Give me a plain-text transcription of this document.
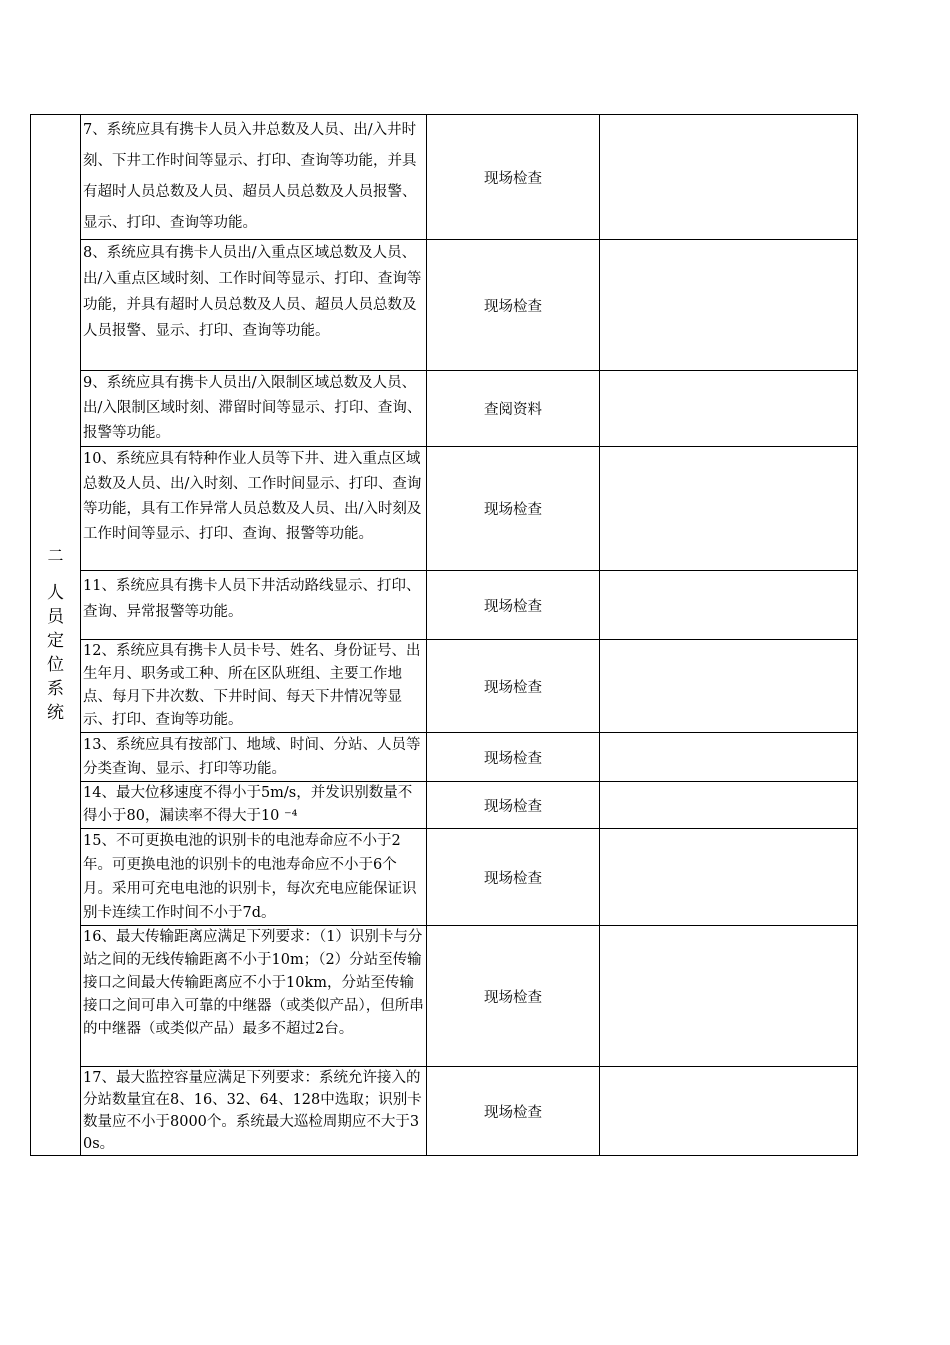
二
人员定位系统	7、系统应具有携卡人员入井总数及人员、出/入井时刻、下井工作时间等显示、打印、查询等功能，并具有超时人员总数及人员、超员人员总数及人员报警、显示、打印、查询等功能。	现场检查	

	8、系统应具有携卡人员出/入重点区域总数及人员、出/入重点区域时刻、工作时间等显示、打印、查询等功能，并具有超时人员总数及人员、超员人员总数及人员报警、显示、打印、查询等功能。	现场检查	

	9、系统应具有携卡人员出/入限制区域总数及人员、出/入限制区域时刻、滞留时间等显示、打印、查询、报警等功能。	查阅资料	

	10、系统应具有特种作业人员等下井、进入重点区域总数及人员、出/入时刻、工作时间显示、打印、查询等功能，具有工作异常人员总数及人员、出/入时刻及工作时间等显示、打印、查询、报警等功能。	现场检查	

	11、系统应具有携卡人员下井活动路线显示、打印、查询、异常报警等功能。	现场检查	

	12、系统应具有携卡人员卡号、姓名、身份证号、出生年月、职务或工种、所在区队班组、主要工作地点、每月下井次数、下井时间、每天下井情况等显示、打印、查询等功能。	现场检查	

	13、系统应具有按部门、地域、时间、分站、人员等分类查询、显示、打印等功能。	现场检查	

	14、最大位移速度不得小于5m/s，并发识别数量不得小于80，漏读率不得大于10 ⁻⁴	现场检查	

	15、不可更换电池的识别卡的电池寿命应不小于2年。可更换电池的识别卡的电池寿命应不小于6个月。采用可充电电池的识别卡，每次充电应能保证识别卡连续工作时间不小于7d。	现场检查	

	16、最大传输距离应满足下列要求：（1）识别卡与分站之间的无线传输距离不小于10m；（2）分站至传输接口之间最大传输距离应不小于10km，分站至传输接口之间可串入可靠的中继器（或类似产品），但所串的中继器（或类似产品）最多不超过2台。	现场检查	

	17、最大监控容量应满足下列要求：系统允许接入的分站数量宜在8、16、32、64、128中选取；识别卡数量应不小于8000个。系统最大巡检周期应不大于30s。	现场检查	
